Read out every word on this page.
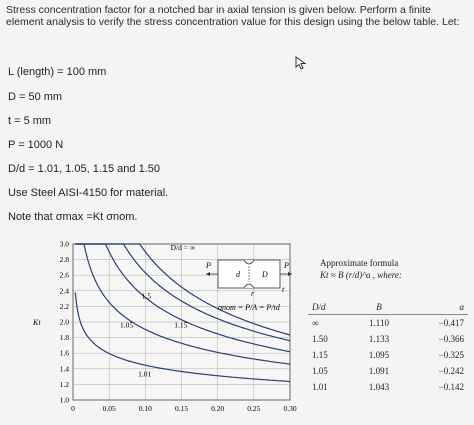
Stress concentration factor for a notched bar in axial tension is given below. Perform a finite element analysis to verify the stress concentration value for this design using the below table. Let:
L (length) = 100 mm
D = 50 mm
t = 5 mm
P = 1000 N
D/d = 1.01, 1.05, 1.15 and 1.50
Use Steel AISI-4150 for material.
Note that σmax =Kt σnom.
0	0.05	0.10	0.15	0.20	0.25	0.30
1.0
1.2
1.4
1.6
1.8
2.0
2.2
2.4
2.6
2.8
3.0
Kt
D/d = ∞
1.5
1.15
1.05
1.01
P	P
d	D
r	t
σnom = P/A = P/td
Approximate formula
Kt ≈ B (r/d)^a , where:
D/d	B	a
∞	1.110	−0.417
1.50	1.133	−0.366
1.15	1.095	−0.325
1.05	1.091	−0.242
1.01	1.043	−0.142
